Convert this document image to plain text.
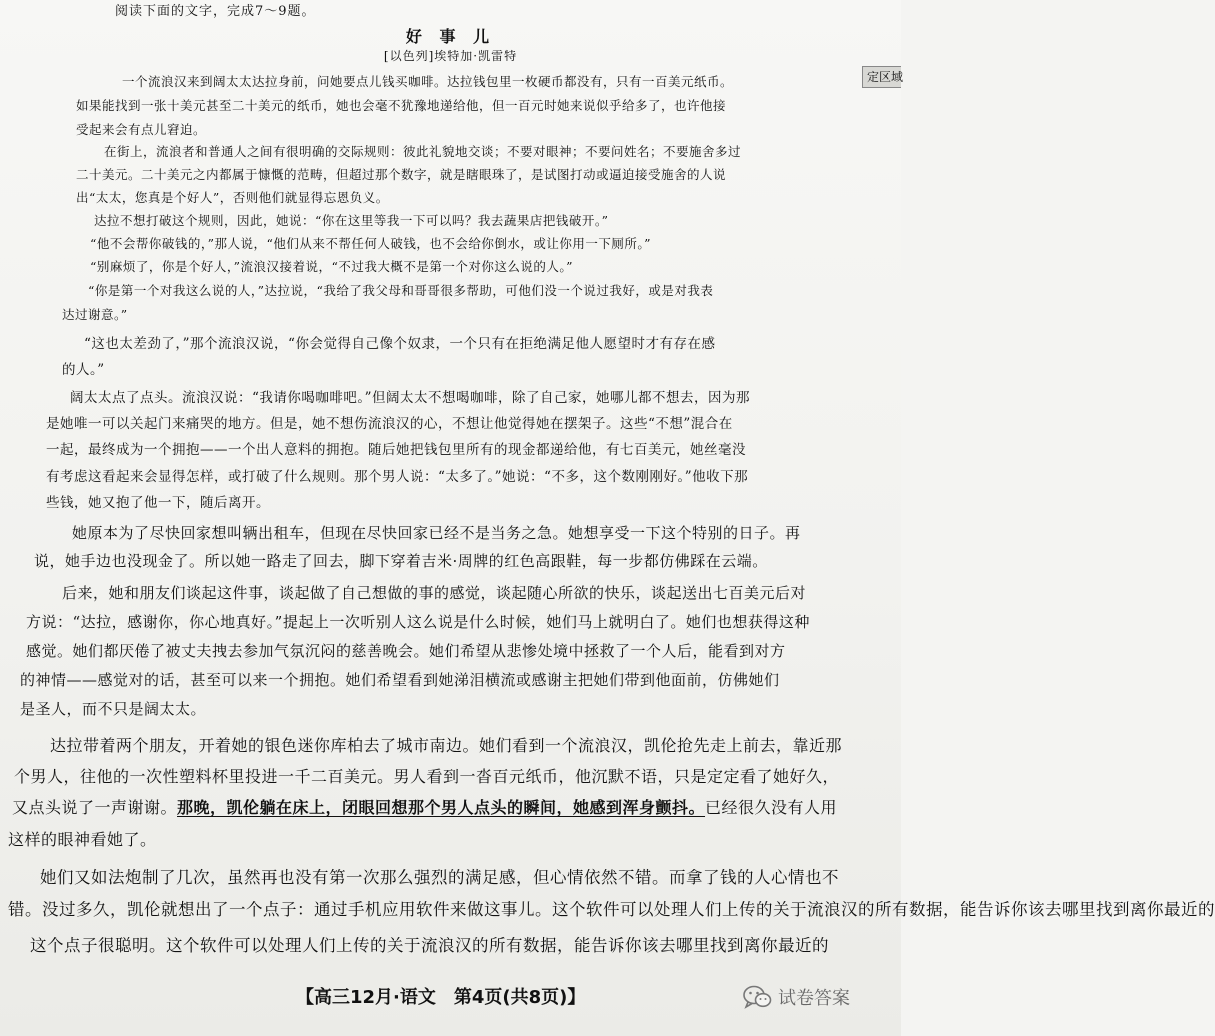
阅读下面的文字，完成7～9题。
好 事 儿
[以色列]埃特加·凯雷特
定区域
一个流浪汉来到阔太太达拉身前，问她要点儿钱买咖啡。达拉钱包里一枚硬币都没有，只有一百美元纸币。
如果能找到一张十美元甚至二十美元的纸币，她也会毫不犹豫地递给他，但一百元时她来说似乎给多了，也许他接
受起来会有点儿窘迫。
在街上，流浪者和普通人之间有很明确的交际规则：彼此礼貌地交谈；不要对眼神；不要问姓名；不要施舍多过
二十美元。二十美元之内都属于慷慨的范畴，但超过那个数字，就是瞎眼珠了，是试图打动或逼迫接受施舍的人说
出“太太，您真是个好人”，否则他们就显得忘恩负义。
达拉不想打破这个规则，因此，她说：“你在这里等我一下可以吗？我去蔬果店把钱破开。”
“他不会帮你破钱的，”那人说，“他们从来不帮任何人破钱，也不会给你倒水，或让你用一下厕所。”
“别麻烦了，你是个好人，”流浪汉接着说，“不过我大概不是第一个对你这么说的人。”
“你是第一个对我这么说的人，”达拉说，“我给了我父母和哥哥很多帮助，可他们没一个说过我好，或是对我表
达过谢意。”
“这也太差劲了，”那个流浪汉说，“你会觉得自己像个奴隶，一个只有在拒绝满足他人愿望时才有存在感
的人。”
阔太太点了点头。流浪汉说：“我请你喝咖啡吧。”但阔太太不想喝咖啡，除了自己家，她哪儿都不想去，因为那
是她唯一可以关起门来痛哭的地方。但是，她不想伤流浪汉的心，不想让他觉得她在摆架子。这些“不想”混合在
一起，最终成为一个拥抱——一个出人意料的拥抱。随后她把钱包里所有的现金都递给他，有七百美元，她丝毫没
有考虑这看起来会显得怎样，或打破了什么规则。那个男人说：“太多了。”她说：“不多，这个数刚刚好。”他收下那
些钱，她又抱了他一下，随后离开。
她原本为了尽快回家想叫辆出租车，但现在尽快回家已经不是当务之急。她想享受一下这个特别的日子。再
说，她手边也没现金了。所以她一路走了回去，脚下穿着吉米·周牌的红色高跟鞋，每一步都仿佛踩在云端。
后来，她和朋友们谈起这件事，谈起做了自己想做的事的感觉，谈起随心所欲的快乐，谈起送出七百美元后对
方说：“达拉，感谢你，你心地真好。”提起上一次听别人这么说是什么时候，她们马上就明白了。她们也想获得这种
感觉。她们都厌倦了被丈夫拽去参加气氛沉闷的慈善晚会。她们希望从悲惨处境中拯救了一个人后，能看到对方
的神情——感觉对的话，甚至可以来一个拥抱。她们希望看到她涕泪横流或感谢主把她们带到他面前，仿佛她们
是圣人，而不只是阔太太。
达拉带着两个朋友，开着她的银色迷你库柏去了城市南边。她们看到一个流浪汉，凯伦抢先走上前去，靠近那
个男人，往他的一次性塑料杯里投进一千二百美元。男人看到一沓百元纸币，他沉默不语，只是定定看了她好久，
又点头说了一声谢谢。那晚，凯伦躺在床上，闭眼回想那个男人点头的瞬间，她感到浑身颤抖。已经很久没有人用
这样的眼神看她了。
她们又如法炮制了几次，虽然再也没有第一次那么强烈的满足感，但心情依然不错。而拿了钱的人心情也不
错。没过多久，凯伦就想出了一个点子：通过手机应用软件来做这事儿。这个软件可以处理人们上传的关于流浪汉的所有数据，能告诉你该去哪里找到离你最近的
这个点子很聪明。这个软件可以处理人们上传的关于流浪汉的所有数据，能告诉你该去哪里找到离你最近的
【高三12月·语文　第4页(共8页)】	试卷答案
